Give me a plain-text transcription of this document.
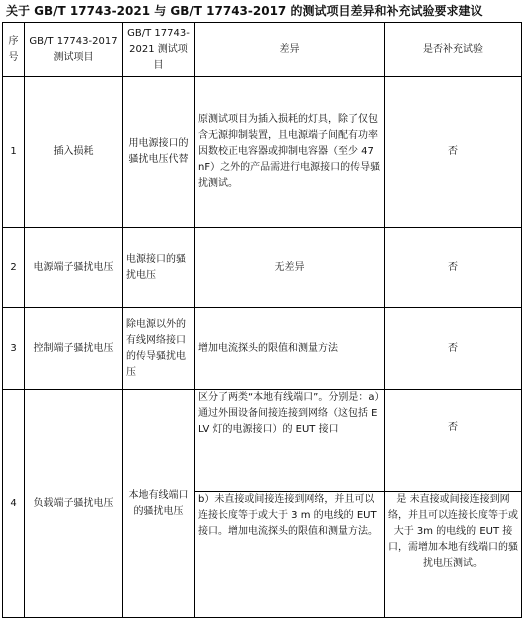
关于 GB/T 17743-2021 与 GB/T 17743-2017 的测试项目差异和补充试验要求建议
序号	GB/T 17743-2017 测试项目	GB/T 17743-2021 测试项目	差异	是否补充试验
1	插入损耗	用电源接口的骚扰电压代替	原测试项目为插入损耗的灯具，除了仅包含无源抑制装置，且电源端子间配有功率因数校正电容器或抑制电容器（至少 47 nF）之外的产品需进行电源接口的传导骚扰测试。	否
2	电源端子骚扰电压	电源接口的骚扰电压	无差异	否
3	控制端子骚扰电压	除电源以外的有线网络接口的传导骚扰电压	增加电流探头的限值和测量方法	否
4	负载端子骚扰电压	本地有线端口的骚扰电压	区分了两类“本地有线端口”。分别是：a）通过外围设备间接连接到网络（这包括 ELV 灯的电源接口）的 EUT 接口	否
			b）未直接或间接连接到网络，并且可以连接长度等于或大于 3 m 的电线的 EUT 接口。增加电流探头的限值和测量方法。	是 未直接或间接连接到网络，并且可以连接长度等于或大于 3m 的电线的 EUT 接口，需增加本地有线端口的骚扰电压测试。
